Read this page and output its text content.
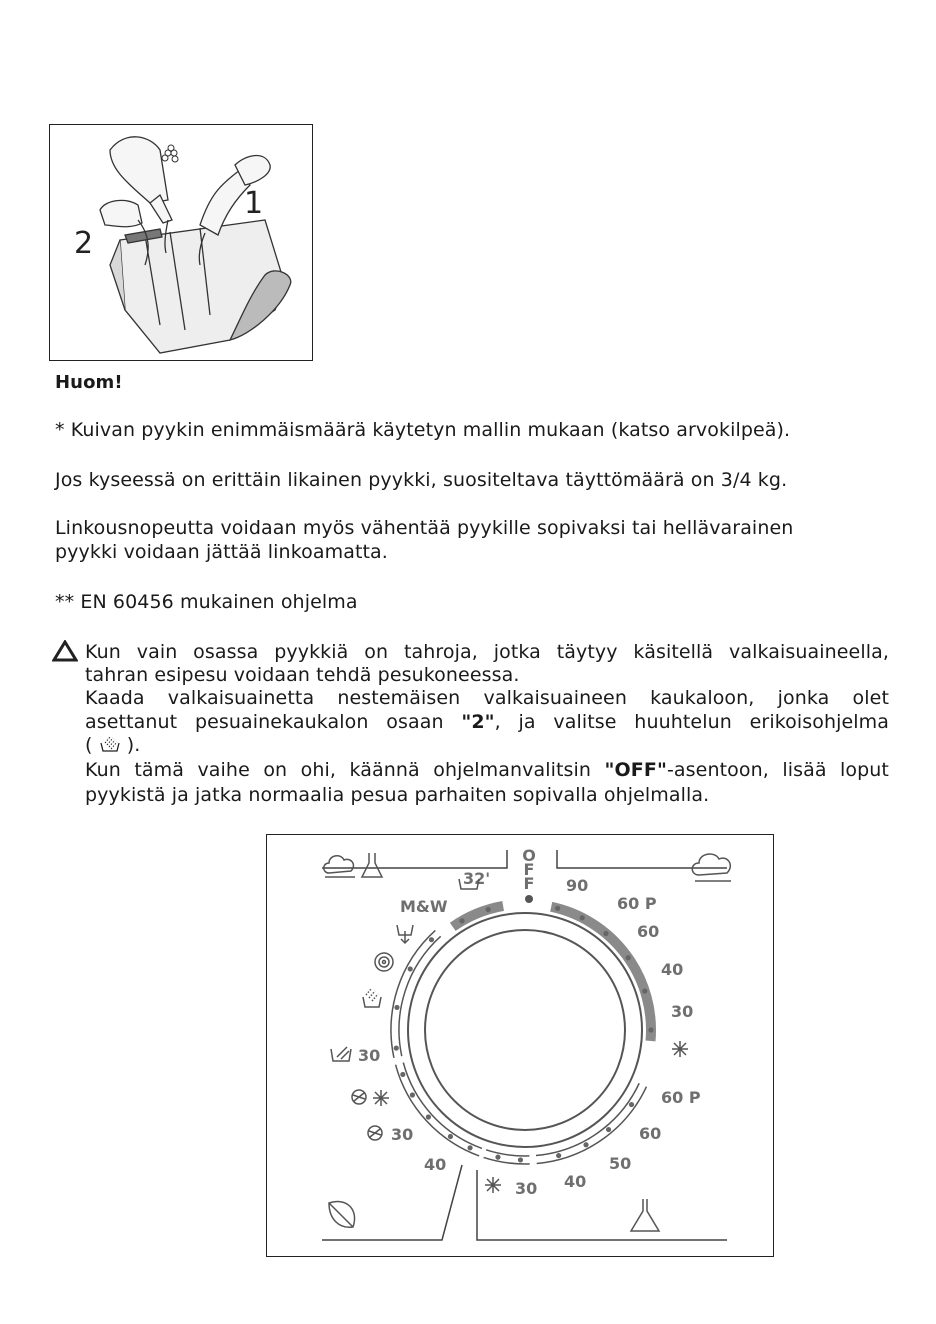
2
1
Huom!
* Kuivan pyykin enimmäismäärä käytetyn mallin mukaan (katso arvokilpeä).
Jos kyseessä on erittäin likainen pyykki, suositeltava täyttömäärä on 3/4 kg.
Linkousnopeutta voidaan myös vähentää pyykille sopivaksi tai hellävarainen
pyykki voidaan jättää linkoamatta.
** EN 60456 mukainen ohjelma
Kun vain osassa pyykkiä on tahroja, jotka täytyy käsitellä valkaisuaineella,
tahran esipesu voidaan tehdä pesukoneessa.
Kaada valkaisuainetta nestemäisen valkaisuaineen kaukaloon, jonka olet
asettanut pesuainekaukalon osaan "2", ja valitse huuhtelun erikoisohjelma
(  ).
Kun tämä vaihe on ohi, käännä ohjelmanvalitsin "OFF"-asentoon, lisää loput
pyykistä ja jatka normaalia pesua parhaiten sopivalla ohjelmalla.
O
F
F 90
60 P
60
40
30
60 P
60
50
40
30
M&W
32'
30
30
40
